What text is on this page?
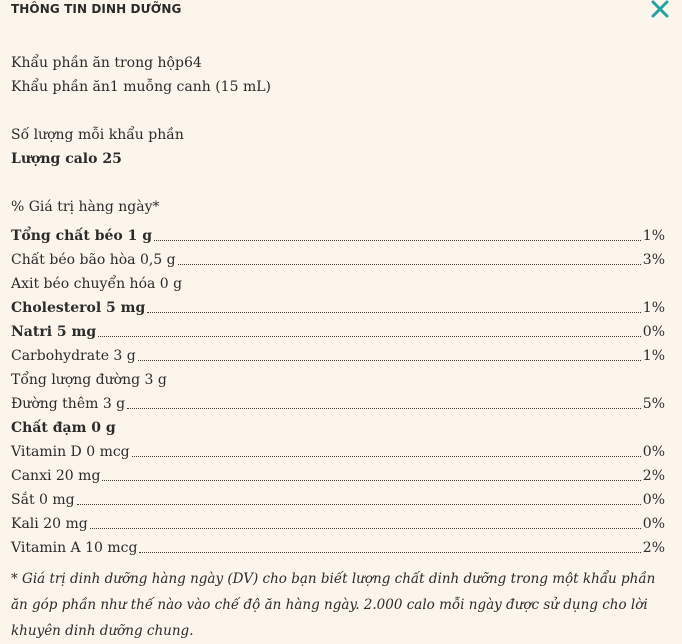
THÔNG TIN DINH DƯỠNG
Khẩu phần ăn trong hộp64
Khẩu phần ăn1 muỗng canh (15 mL)
Số lượng mỗi khẩu phần
Lượng calo 25
% Giá trị hàng ngày*
Tổng chất béo 1 g	1%
Chất béo bão hòa 0,5 g	3%
Axit béo chuyển hóa 0 g
Cholesterol 5 mg	1%
Natri 5 mg	0%
Carbohydrate 3 g	1%
Tổng lượng đường 3 g
Đường thêm 3 g	5%
Chất đạm 0 g
Vitamin D 0 mcg	0%
Canxi 20 mg	2%
Sắt 0 mg	0%
Kali 20 mg	0%
Vitamin A 10 mcg	2%
* Giá trị dinh dưỡng hàng ngày (DV) cho bạn biết lượng chất dinh dưỡng trong một khẩu phần ăn góp phần như thế nào vào chế độ ăn hàng ngày. 2.000 calo mỗi ngày được sử dụng cho lời khuyên dinh dưỡng chung.
